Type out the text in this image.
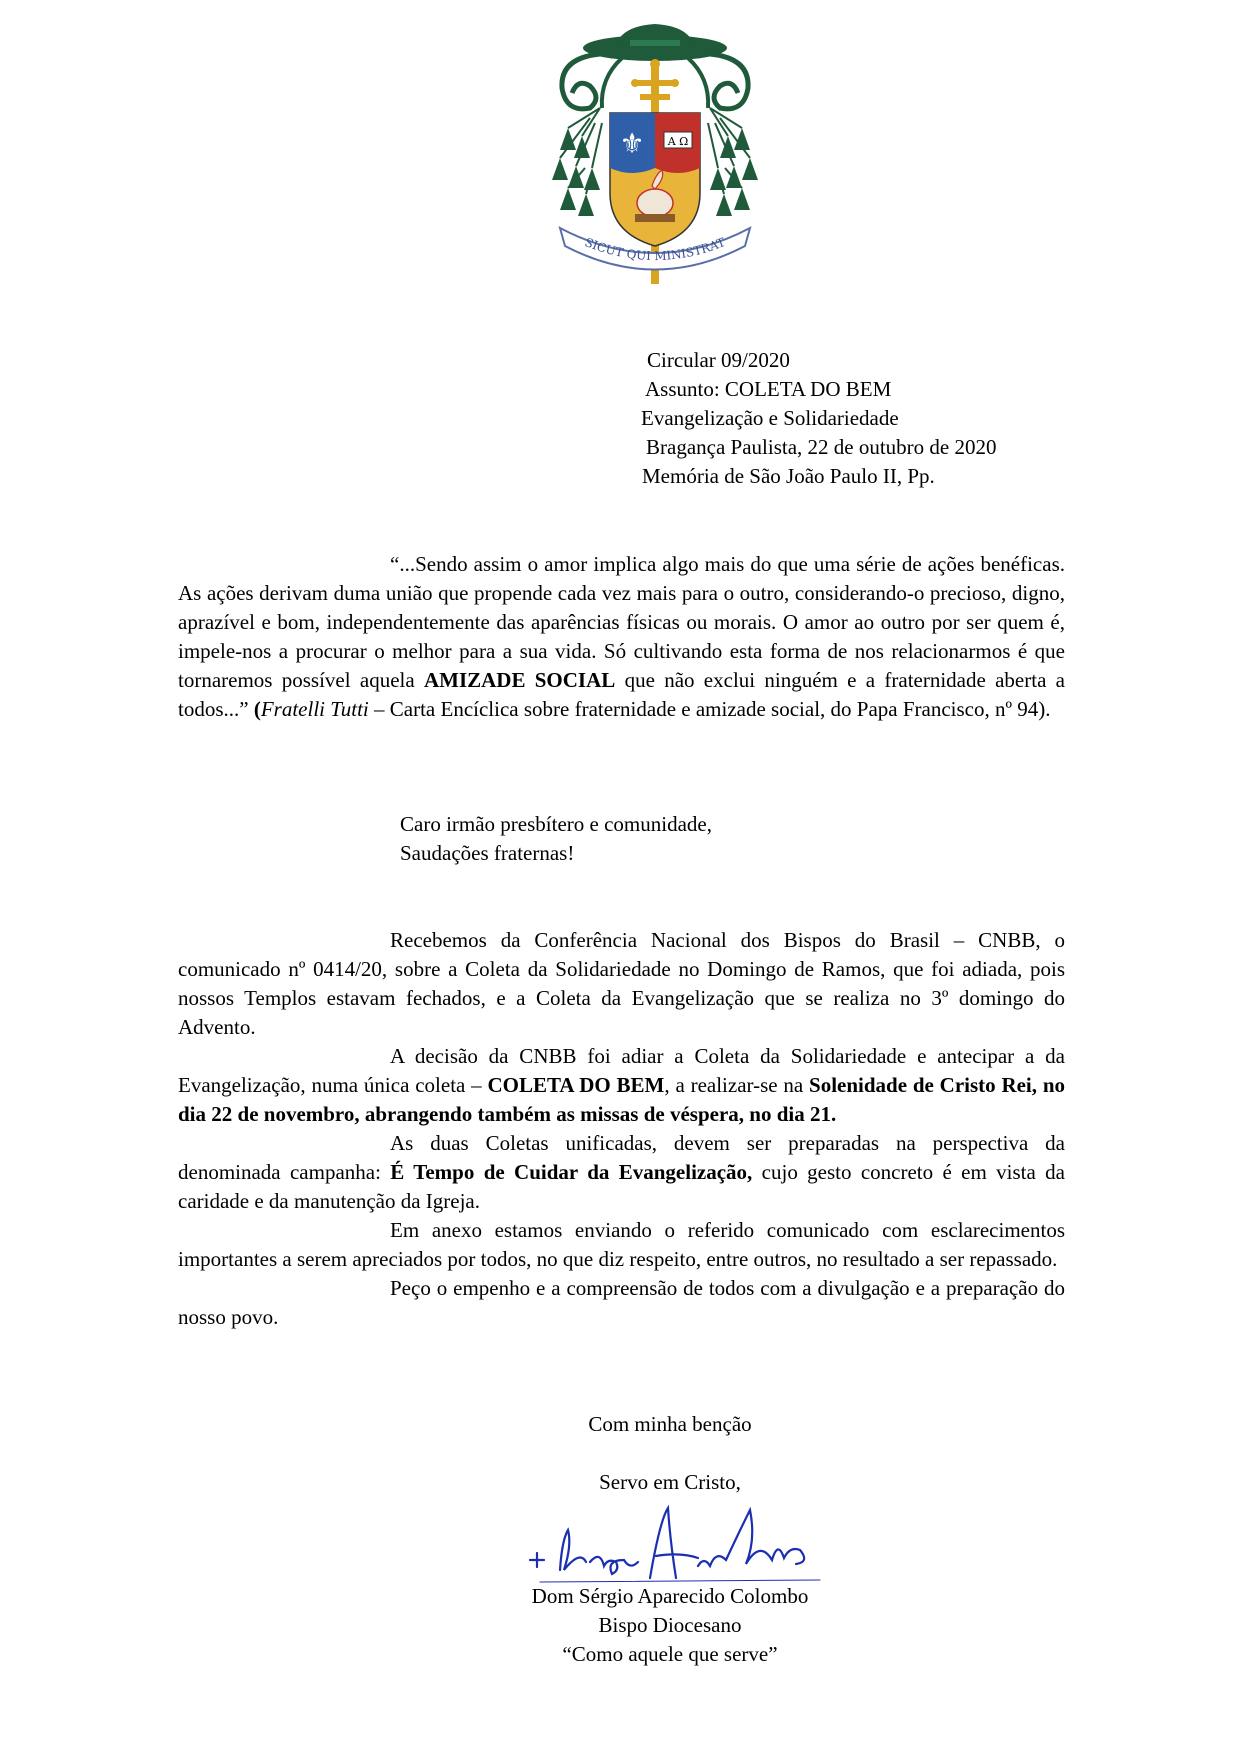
⚜ A Ω
SICUT QUI MINISTRAT
Circular 09/2020
Assunto: COLETA DO BEM
Evangelização e Solidariedade
Bragança Paulista, 22 de outubro de 2020
Memória de São João Paulo II, Pp.
“...Sendo assim o amor implica algo mais do que uma série de ações benéficas. As ações derivam duma união que propende cada vez mais para o outro, considerando-o precioso, digno, aprazível e bom, independentemente das aparências físicas ou morais. O amor ao outro por ser quem é, impele-nos a procurar o melhor para a sua vida. Só cultivando esta forma de nos relacionarmos é que tornaremos possível aquela AMIZADE SOCIAL que não exclui ninguém e a fraternidade aberta a todos...” (Fratelli Tutti – Carta Encíclica sobre fraternidade e amizade social, do Papa Francisco, nº 94).
Caro irmão presbítero e comunidade,
Saudações fraternas!
Recebemos da Conferência Nacional dos Bispos do Brasil – CNBB, o comunicado nº 0414/20, sobre a Coleta da Solidariedade no Domingo de Ramos, que foi adiada, pois nossos Templos estavam fechados, e a Coleta da Evangelização que se realiza no 3º domingo do Advento.
A decisão da CNBB foi adiar a Coleta da Solidariedade e antecipar a da Evangelização, numa única coleta – COLETA DO BEM, a realizar-se na Solenidade de Cristo Rei, no dia 22 de novembro, abrangendo também as missas de véspera, no dia 21.
As duas Coletas unificadas, devem ser preparadas na perspectiva da denominada campanha: É Tempo de Cuidar da Evangelização, cujo gesto concreto é em vista da caridade e da manutenção da Igreja.
Em anexo estamos enviando o referido comunicado com esclarecimentos importantes a serem apreciados por todos, no que diz respeito, entre outros, no resultado a ser repassado.
Peço o empenho e a compreensão de todos com a divulgação e a preparação do nosso povo.
Com minha benção
Servo em Cristo,
Dom Sérgio Aparecido Colombo
Bispo Diocesano
“Como aquele que serve”
